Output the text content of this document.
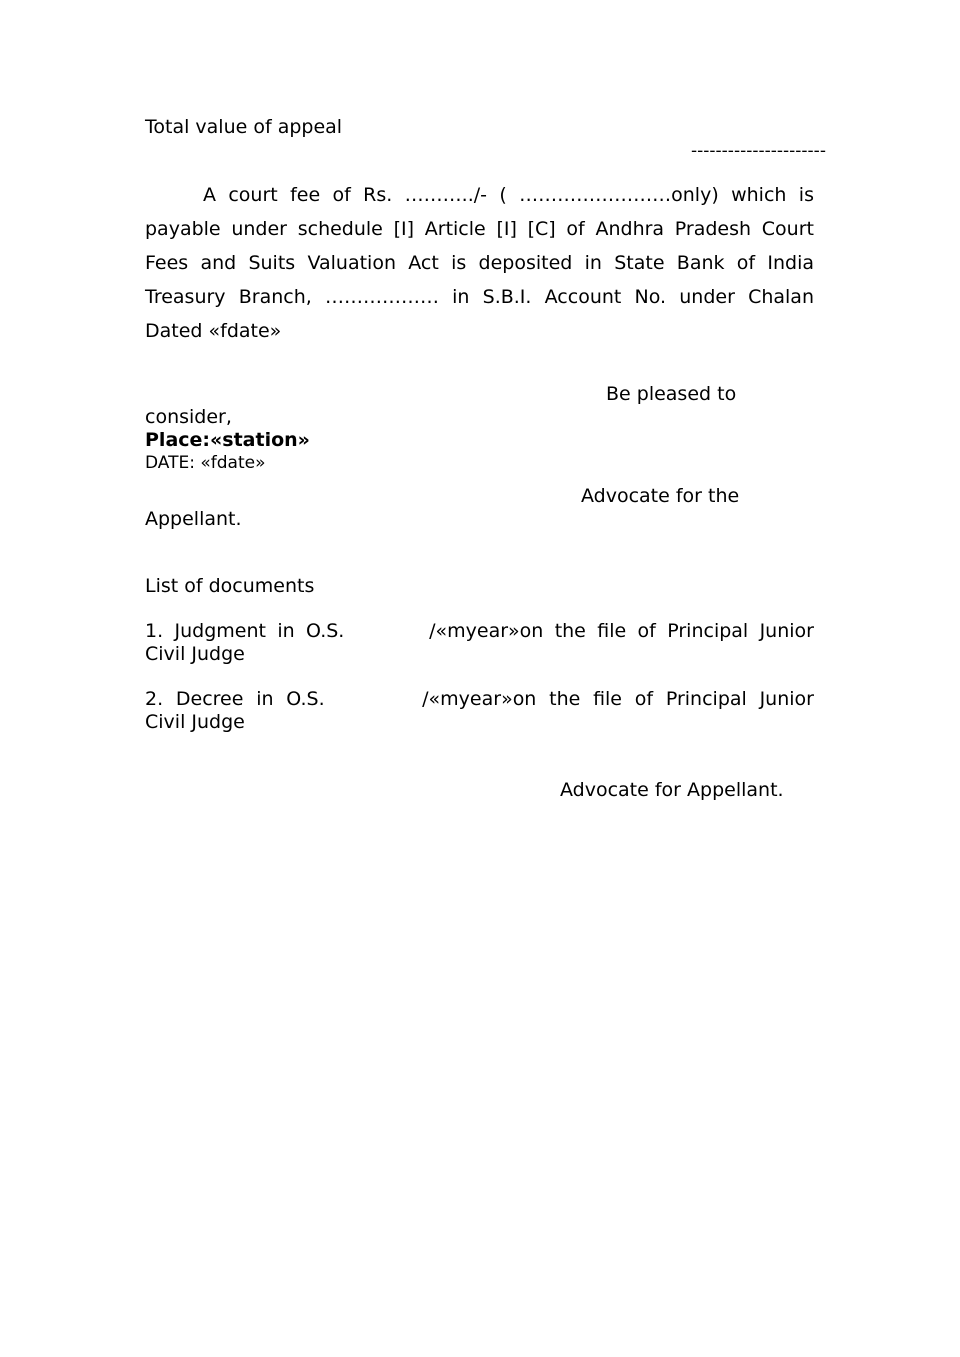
Total value of appeal
----------------------
A court fee of Rs. ………../- ( ……………………only) which is
payable under schedule [I] Article [I] [C] of Andhra Pradesh Court
Fees and Suits Valuation Act is deposited in State Bank of India
Treasury Branch, ……………… in S.B.I. Account No. under Chalan
Dated «fdate»
Be pleased to
consider,
Place:«station»
DATE: «fdate»
Advocate for the
Appellant.
List of documents
1. Judgment in O.S.	/«myear»on the file of Principal Junior
Civil Judge
2. Decree in O.S.	/«myear»on the file of Principal Junior
Civil Judge
Advocate for Appellant.
